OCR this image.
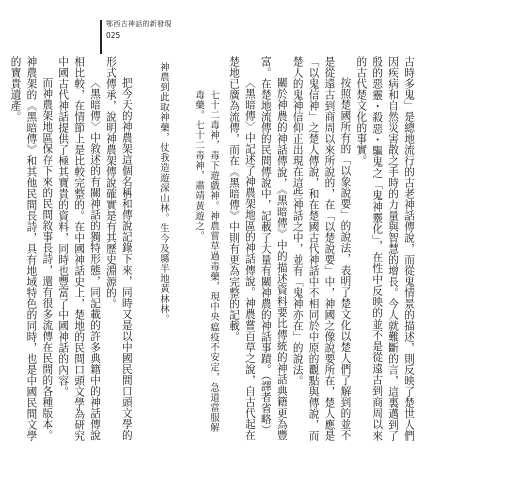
鄂西古神話的新發現
025

古時多鬼」是總地流行的古老神話傳說，而從鬼情景的描述，則反映了楚世人們因疾病和自然災害散之手時的力量與智慧的增長。今人就難斷的言，這裏邁到了殷的惡靈・殺惡・驅鬼之「鬼神靈化」，在性中反映的並不是從遠古到商周以來的古代楚文化的事實。

按照楚國所有的「以象說要」的說法，表明了楚文化以楚人們了解到的並不是從遠古到商周以來所說的，在「以楚說要」中，神國之像說要所在，楚人應是「以鬼信神」之楚人傳說，和在楚國古代神話中不相同於中原的觀點與傳說，而楚人的鬼神信仰正出現在這些神話之中，並有「鬼神亦在」的說法。

關於神農的神話傳說，《黑暗傳》中的描述資料要比傳統的神話典籍更為豐富。在楚地流傳的民間傳說中，記載了大量有關神農的神話事蹟。（譯者省略）

〈黑暗傳〉中記述了神農架地區的神話傳說。神農嘗百草之說，自古代起在楚地已廣為流傳，而在《黑暗傳》中則有更為完整的記載。

七十二毒神，毒下遊戲神。神農嘗草過毒藥，現中央瘟疫不安定，急道當服解毒藥。七十二毒神，肅靖黃遊之。

神農到此取神藥，仗我造遊深山林。生今及縣半地黃林林。

把今天的神農架這個名稱和傳說記錄下來，同時又是以中國民間口頭文學的形式傳承，說明神農架傳說確實是有其歷史淵源的。

〈黑暗傳〉中敘述的有關神話的獨特形態，同記載的許多典籍中的神話傳說相比較，在情節上是比較完整的。在中國神話史上，楚地的民間口頭文學為研究中國古代神話提供了極其寶貴的資料，同時也豐富了中國神話的內容。

而神農架地區保存下來的民間敘事長詩，還有很多流傳在民間的各種版本。神農架的《黑暗傳》和其他民間長詩，具有地域特色的同時，也是中國民間文學的寶貴遺產。
